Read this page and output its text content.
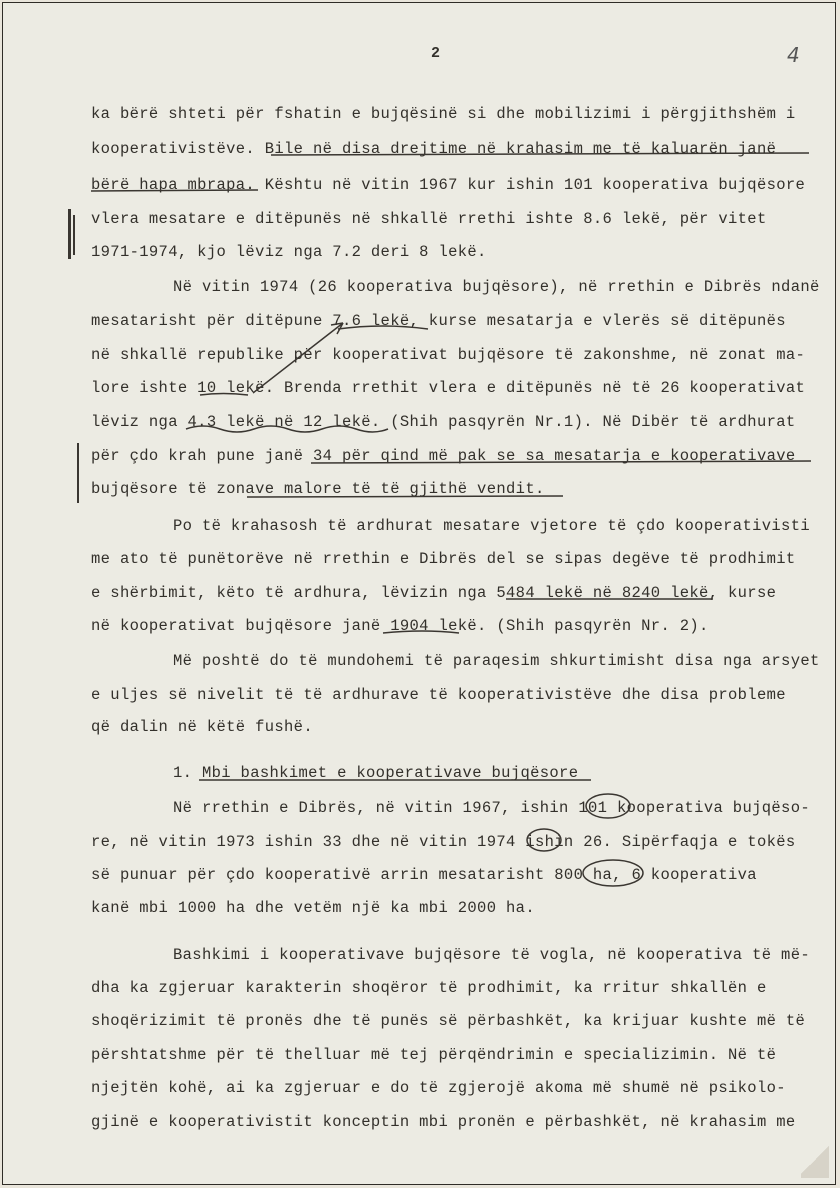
2	4

ka bërë shteti për fshatin e bujqësinë si dhe mobilizimi i përgjithshëm i

kooperativistëve. Bile në disa drejtime në krahasim me të kaluarën janë

bërë hapa mbrapa. Kështu në vitin 1967 kur ishin 101 kooperativa bujqësore

vlera mesatare e ditëpunës në shkallë rrethi ishte 8.6 lekë, për vitet

1971-1974, kjo lëviz nga 7.2 deri 8 lekë.

Në vitin 1974 (26 kooperativa bujqësore), në rrethin e Dibrës ndanë

mesatarisht për ditëpune 7.6 lekë, kurse mesatarja e vlerës së ditëpunës

në shkallë republike për kooperativat bujqësore të zakonshme, në zonat ma-

lore ishte 10 lekë. Brenda rrethit vlera e ditëpunës në të 26 kooperativat

lëviz nga 4.3 lekë në 12 lekë. (Shih pasqyrën Nr.1). Në Dibër të ardhurat

për çdo krah pune janë 34 për qind më pak se sa mesatarja e kooperativave

bujqësore të zonave malore të të gjithë vendit.

Po të krahasosh të ardhurat mesatare vjetore të çdo kooperativisti

me ato të punëtorëve në rrethin e Dibrës del se sipas degëve të prodhimit

e shërbimit, këto të ardhura, lëvizin nga 5484 lekë në 8240 lekë, kurse

në kooperativat bujqësore janë 1904 lekë. (Shih pasqyrën Nr. 2).

Më poshtë do të mundohemi të paraqesim shkurtimisht disa nga arsyet

e uljes së nivelit të të ardhurave të kooperativistëve dhe disa probleme

që dalin në këtë fushë.

1. Mbi bashkimet e kooperativave bujqësore

Në rrethin e Dibrës, në vitin 1967, ishin 101 kooperativa bujqëso-

re, në vitin 1973 ishin 33 dhe në vitin 1974 ishin 26. Sipërfaqja e tokës

së punuar për çdo kooperativë arrin mesatarisht 800 ha, 6 kooperativa

kanë mbi 1000 ha dhe vetëm një ka mbi 2000 ha.

Bashkimi i kooperativave bujqësore të vogla, në kooperativa të më-

dha ka zgjeruar karakterin shoqëror të prodhimit, ka rritur shkallën e

shoqërizimit të pronës dhe të punës së përbashkët, ka krijuar kushte më të

përshtatshme për të thelluar më tej përqëndrimin e specializimin. Në të

njejtën kohë, ai ka zgjeruar e do të zgjerojë akoma më shumë në psikolo-

gjinë e kooperativistit konceptin mbi pronën e përbashkët, në krahasim me
